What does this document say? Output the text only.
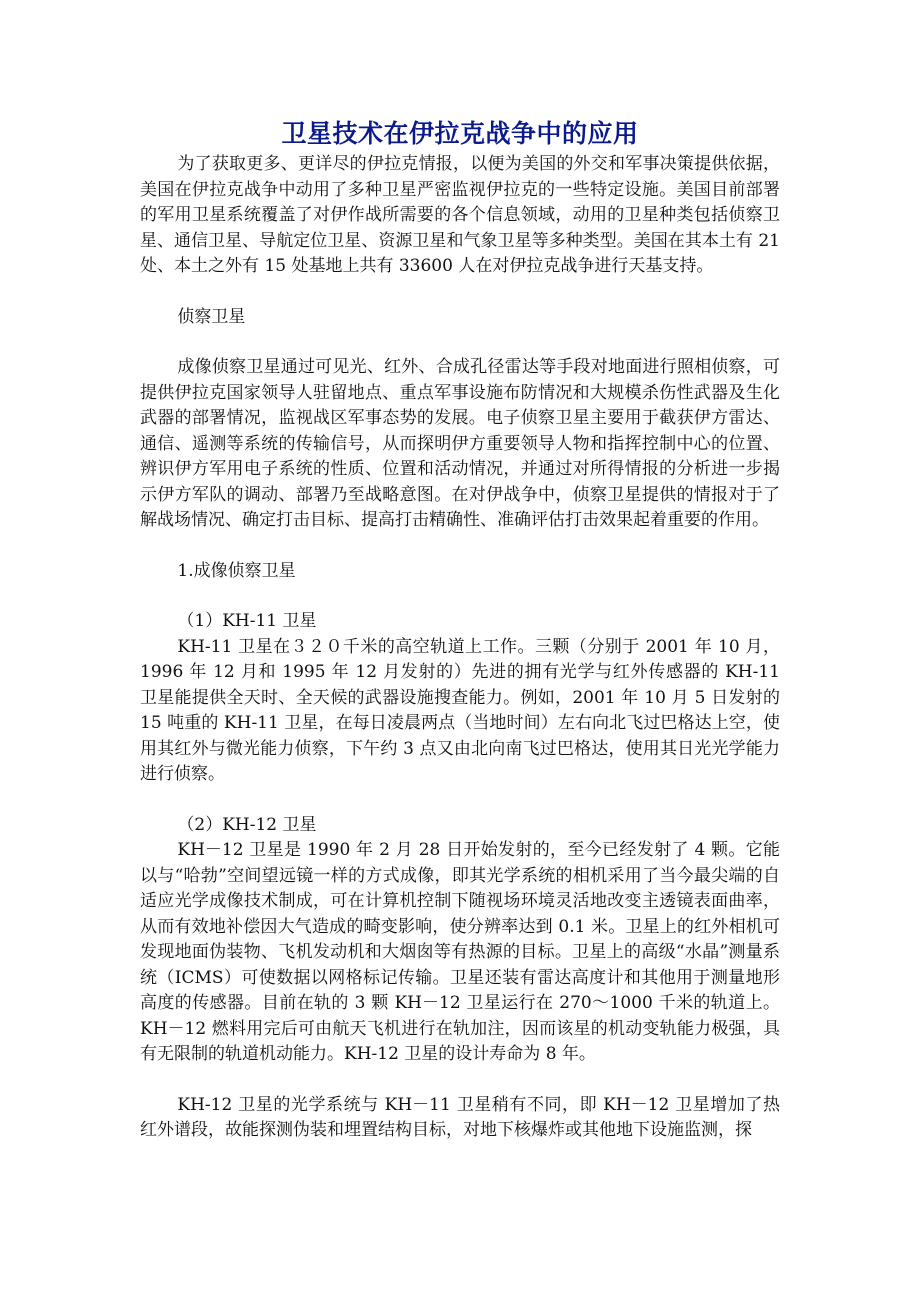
卫星技术在伊拉克战争中的应用

为了获取更多、更详尽的伊拉克情报，以便为美国的外交和军事决策提供依据，美国在伊拉克战争中动用了多种卫星严密监视伊拉克的一些特定设施。美国目前部署的军用卫星系统覆盖了对伊作战所需要的各个信息领域，动用的卫星种类包括侦察卫星、通信卫星、导航定位卫星、资源卫星和气象卫星等多种类型。美国在其本土有 21 处、本土之外有 15 处基地上共有 33600 人在对伊拉克战争进行天基支持。

侦察卫星

成像侦察卫星通过可见光、红外、合成孔径雷达等手段对地面进行照相侦察，可提供伊拉克国家领导人驻留地点、重点军事设施布防情况和大规模杀伤性武器及生化武器的部署情况，监视战区军事态势的发展。电子侦察卫星主要用于截获伊方雷达、通信、遥测等系统的传输信号，从而探明伊方重要领导人物和指挥控制中心的位置、辨识伊方军用电子系统的性质、位置和活动情况，并通过对所得情报的分析进一步揭示伊方军队的调动、部署乃至战略意图。在对伊战争中，侦察卫星提供的情报对于了解战场情况、确定打击目标、提高打击精确性、准确评估打击效果起着重要的作用。

1.成像侦察卫星

（1）KH-11 卫星

KH-11 卫星在３２０千米的高空轨道上工作。三颗（分别于 2001 年 10 月，1996 年 12 月和 1995 年 12 月发射的）先进的拥有光学与红外传感器的 KH-11 卫星能提供全天时、全天候的武器设施搜查能力。例如，2001 年 10 月 5 日发射的 15 吨重的 KH-11 卫星，在每日凌晨两点（当地时间）左右向北飞过巴格达上空，使用其红外与微光能力侦察，下午约 3 点又由北向南飞过巴格达，使用其日光光学能力进行侦察。

（2）KH-12 卫星

KH－12 卫星是 1990 年 2 月 28 日开始发射的，至今已经发射了 4 颗。它能以与“哈勃”空间望远镜一样的方式成像，即其光学系统的相机采用了当今最尖端的自适应光学成像技术制成，可在计算机控制下随视场环境灵活地改变主透镜表面曲率，从而有效地补偿因大气造成的畸变影响，使分辨率达到 0.1 米。卫星上的红外相机可发现地面伪装物、飞机发动机和大烟囱等有热源的目标。卫星上的高级“水晶”测量系统（ICMS）可使数据以网格标记传输。卫星还装有雷达高度计和其他用于测量地形高度的传感器。目前在轨的 3 颗 KH－12 卫星运行在 270～1000 千米的轨道上。KH－12 燃料用完后可由航天飞机进行在轨加注，因而该星的机动变轨能力极强，具有无限制的轨道机动能力。KH-12 卫星的设计寿命为 8 年。

KH-12 卫星的光学系统与 KH－11 卫星稍有不同，即 KH－12 卫星增加了热红外谱段，故能探测伪装和埋置结构目标，对地下核爆炸或其他地下设施监测，探
